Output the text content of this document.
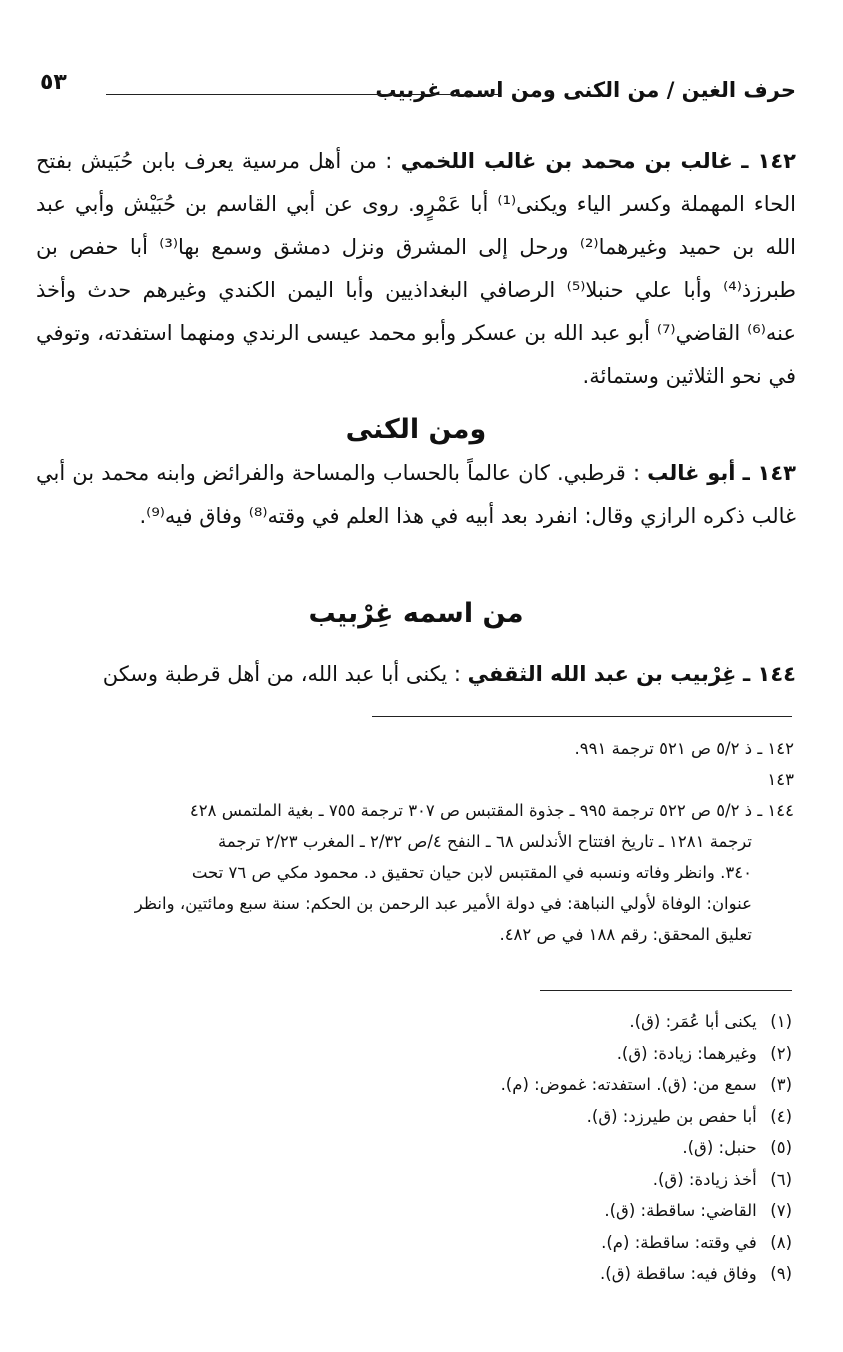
حرف الغين / من الكنى ومن اسمه غربيب
٥٣
١٤٢ ـ غالب بن محمد بن غالب اللخمي : من أهل مرسية يعرف بابن حُبَيش بفتح الحاء المهملة وكسر الياء ويكنى⁽¹⁾ أبا عَمْرٍو. روى عن أبي القاسم بن حُبَيْش وأبي عبد الله بن حميد وغيرهما⁽²⁾ ورحل إلى المشرق ونزل دمشق وسمع بها⁽³⁾ أبا حفص بن طبرزذ⁽⁴⁾ وأبا علي حنبلا⁽⁵⁾ الرصافي البغداذيين وأبا اليمن الكندي وغيرهم حدث وأخذ عنه⁽⁶⁾ القاضي⁽⁷⁾ أبو عبد الله بن عسكر وأبو محمد عيسى الرندي ومنهما استفدته، وتوفي في نحو الثلاثين وستمائة.
ومن الكنى
١٤٣ ـ أبو غالب : قرطبي. كان عالماً بالحساب والمساحة والفرائض وابنه محمد بن أبي غالب ذكره الرازي وقال: انفرد بعد أبيه في هذا العلم في وقته⁽⁸⁾ وفاق فيه⁽⁹⁾.
من اسمه غِرْبيب
١٤٤ ـ غِرْبيب بن عبد الله الثقفي : يكنى أبا عبد الله، من أهل قرطبة وسكن
١٤٢ ـ ذ ٥/٢ ص ٥٢١ ترجمة ٩٩١.
١٤٣
١٤٤ ـ ذ ٥/٢ ص ٥٢٢ ترجمة ٩٩٥ ـ جذوة المقتبس ص ٣٠٧ ترجمة ٧٥٥ ـ بغية الملتمس ٤٢٨
ترجمة ١٢٨١ ـ تاريخ افتتاح الأندلس ٦٨ ـ النفح ٤/ص ٢/٣٢ ـ المغرب ٢/٢٣ ترجمة
٣٤٠. وانظر وفاته ونسبه في المقتبس لابن حيان تحقيق د. محمود مكي ص ٧٦ تحت
عنوان: الوفاة لأولي النباهة: في دولة الأمير عبد الرحمن بن الحكم: سنة سبع ومائتين، وانظر
تعليق المحقق: رقم ١٨٨ في ص ٤٨٢.
(١) يكنى أبا عُمَر: (ق).
(٢) وغيرهما: زيادة: (ق).
(٣) سمع من: (ق). استفدته: غموض: (م).
(٤) أبا حفص بن طيرزد: (ق).
(٥) حنبل: (ق).
(٦) أخذ زيادة: (ق).
(٧) القاضي: ساقطة: (ق).
(٨) في وقته: ساقطة: (م).
(٩) وفاق فيه: ساقطة (ق).
